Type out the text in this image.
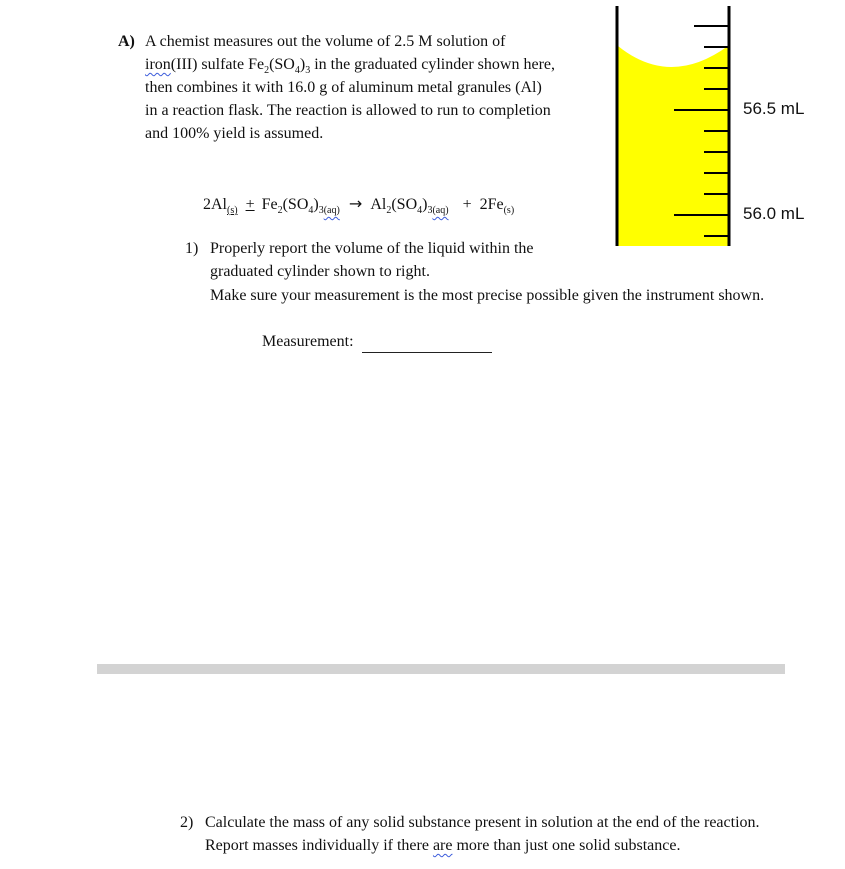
A) A chemist measures out the volume of 2.5 M solution of
iron(III) sulfate $Fe_2(SO_4)_3$ in the graduated cylinder shown here,
then combines it with 16.0 g of aluminum metal granules (Al)
in a reaction flask. The reaction is allowed to run to completion
and 100% yield is assumed.
$2Al_{(s)} + Fe_2(SO_4)_{3(aq)} \to Al_2(SO_4)_{3(aq)} + 2Fe_{(s)}$
56.5 mL
56.0 mL
1) Properly report the volume of the liquid within the
graduated cylinder shown to right.
Make sure your measurement is the most precise possible given the instrument shown.
Measurement:
2) Calculate the mass of any solid substance present in solution at the end of the reaction.
Report masses individually if there are more than just one solid substance.
